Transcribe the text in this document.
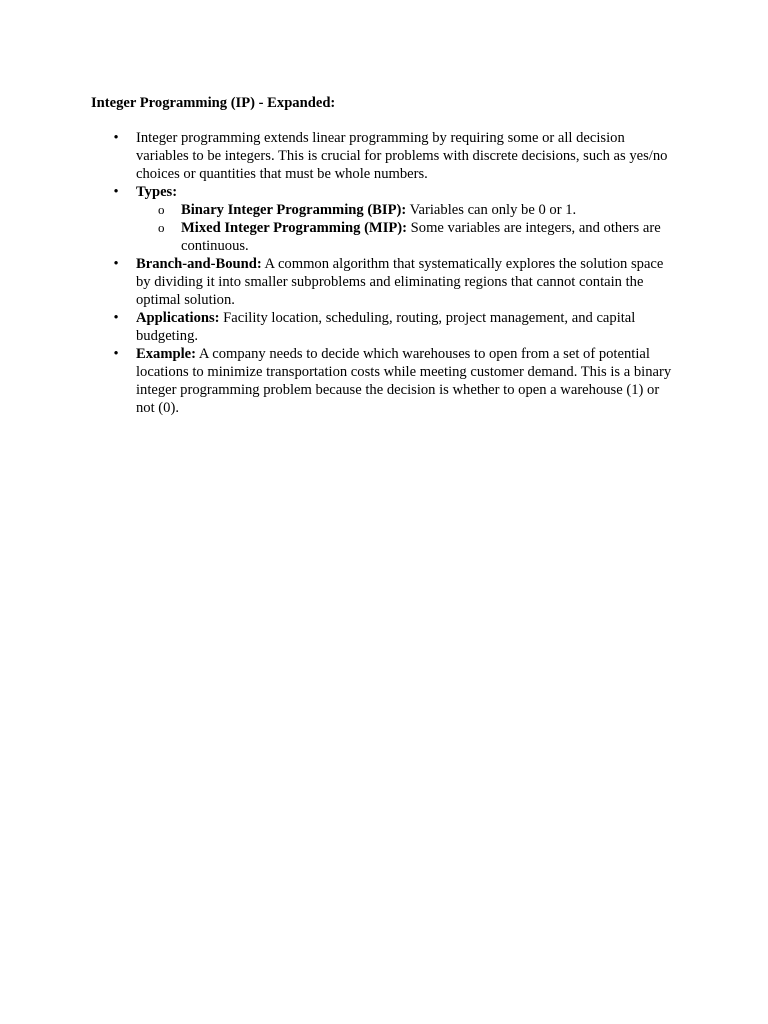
Integer Programming (IP) - Expanded:
• Integer programming extends linear programming by requiring some or all decision variables to be integers. This is crucial for problems with discrete decisions, such as yes/no choices or quantities that must be whole numbers.
• Types:
o Binary Integer Programming (BIP): Variables can only be 0 or 1.
o Mixed Integer Programming (MIP): Some variables are integers, and others are continuous.
• Branch-and-Bound: A common algorithm that systematically explores the solution space by dividing it into smaller subproblems and eliminating regions that cannot contain the optimal solution.
• Applications: Facility location, scheduling, routing, project management, and capital budgeting.
• Example: A company needs to decide which warehouses to open from a set of potential locations to minimize transportation costs while meeting customer demand. This is a binary integer programming problem because the decision is whether to open a warehouse (1) or not (0).
